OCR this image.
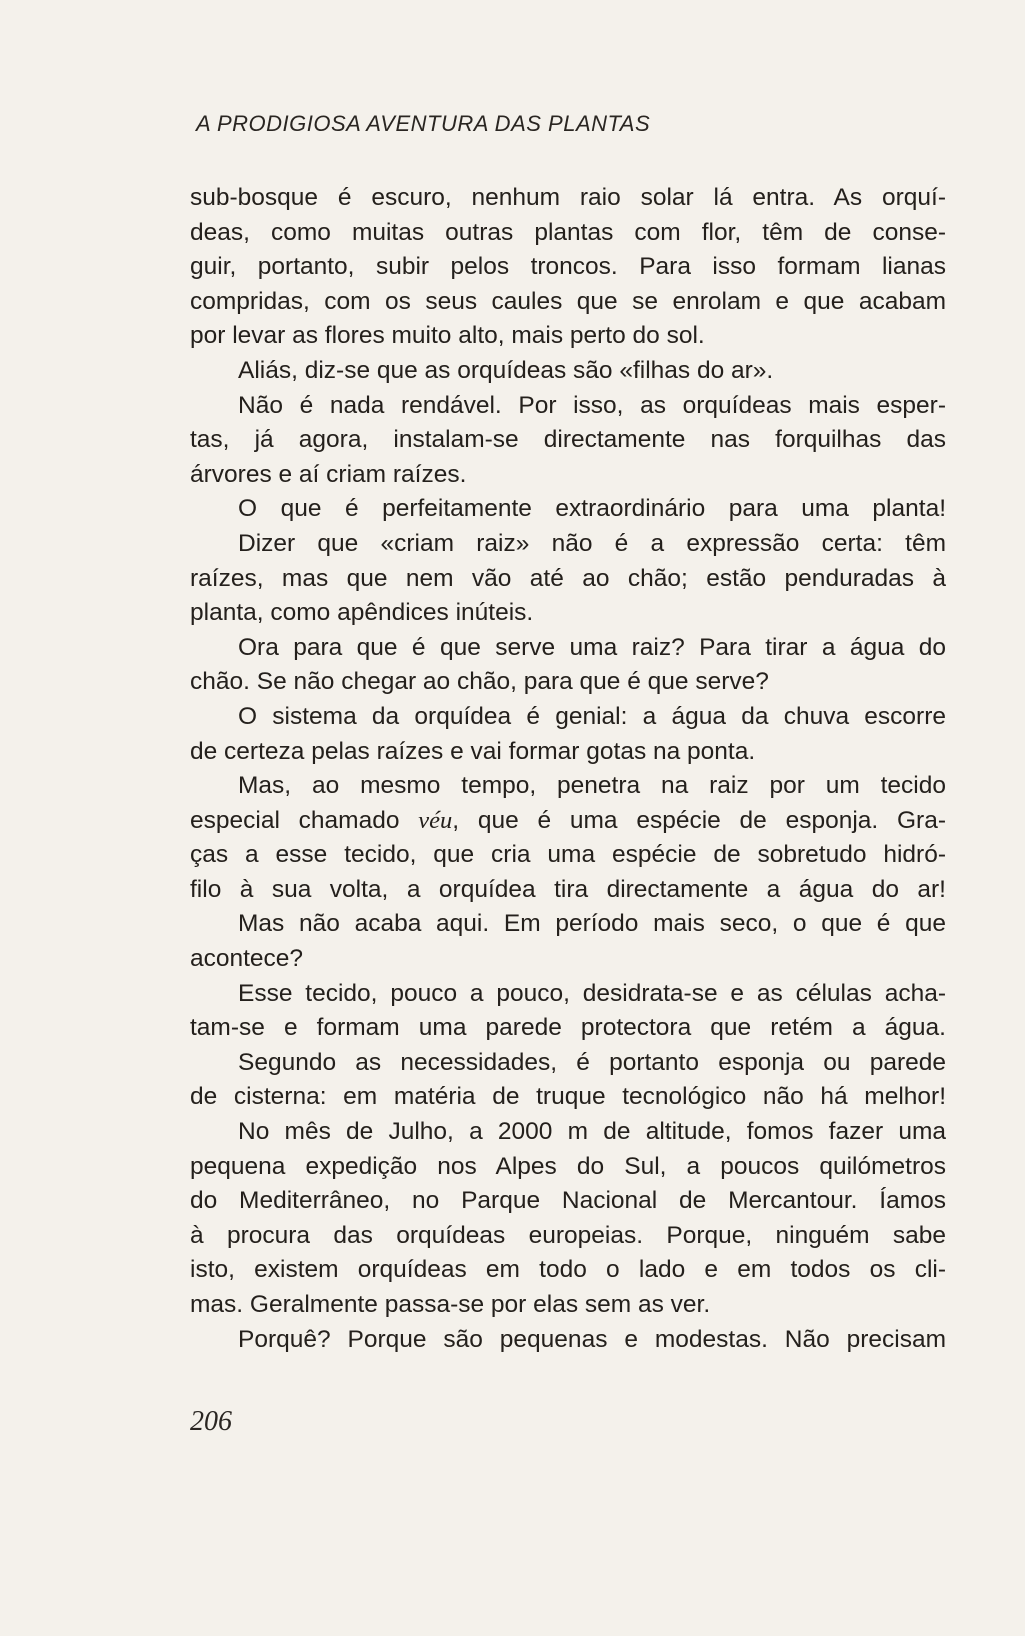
A PRODIGIOSA AVENTURA DAS PLANTAS
sub-bosque é escuro, nenhum raio solar lá entra. As orquí-
deas, como muitas outras plantas com flor, têm de conse-
guir, portanto, subir pelos troncos. Para isso formam lianas
compridas, com os seus caules que se enrolam e que acabam
por levar as flores muito alto, mais perto do sol.
Aliás, diz-se que as orquídeas são «filhas do ar».
Não é nada rendável. Por isso, as orquídeas mais esper-
tas, já agora, instalam-se directamente nas forquilhas das
árvores e aí criam raízes.
O que é perfeitamente extraordinário para uma planta!
Dizer que «criam raiz» não é a expressão certa: têm
raízes, mas que nem vão até ao chão; estão penduradas à
planta, como apêndices inúteis.
Ora para que é que serve uma raiz? Para tirar a água do
chão. Se não chegar ao chão, para que é que serve?
O sistema da orquídea é genial: a água da chuva escorre
de certeza pelas raízes e vai formar gotas na ponta.
Mas, ao mesmo tempo, penetra na raiz por um tecido
especial chamado véu, que é uma espécie de esponja. Gra-
ças a esse tecido, que cria uma espécie de sobretudo hidró-
filo à sua volta, a orquídea tira directamente a água do ar!
Mas não acaba aqui. Em período mais seco, o que é que
acontece?
Esse tecido, pouco a pouco, desidrata-se e as células acha-
tam-se e formam uma parede protectora que retém a água.
Segundo as necessidades, é portanto esponja ou parede
de cisterna: em matéria de truque tecnológico não há melhor!
No mês de Julho, a 2000 m de altitude, fomos fazer uma
pequena expedição nos Alpes do Sul, a poucos quilómetros
do Mediterrâneo, no Parque Nacional de Mercantour. Íamos
à procura das orquídeas europeias. Porque, ninguém sabe
isto, existem orquídeas em todo o lado e em todos os cli-
mas. Geralmente passa-se por elas sem as ver.
Porquê? Porque são pequenas e modestas. Não precisam
206
